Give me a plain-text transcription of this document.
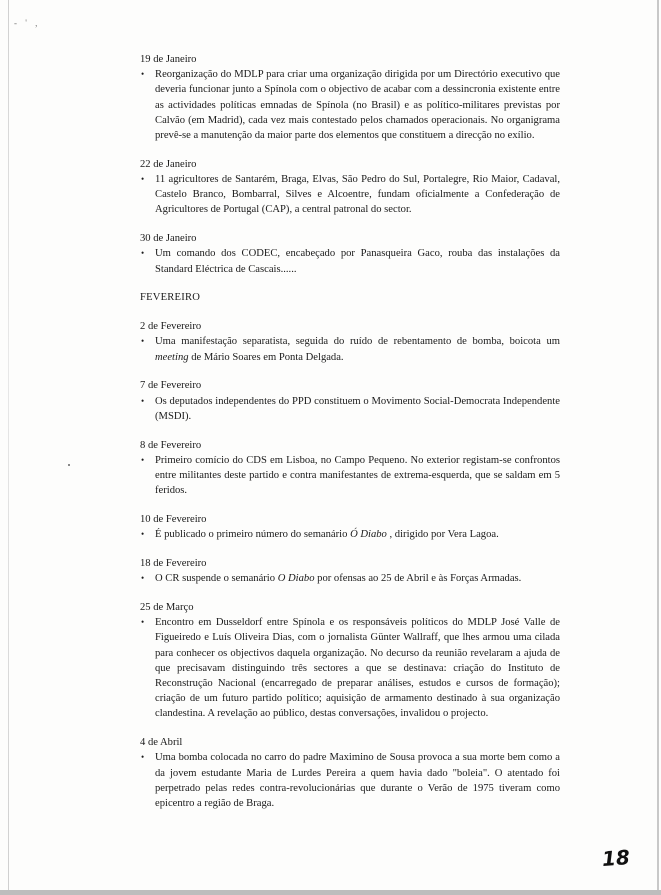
- ' ,

19 de Janeiro

• Reorganização do MDLP para criar uma organização dirigida por um Directório executivo que deveria funcionar junto a Spínola com o objectivo de acabar com a dessincronia existente entre as actividades políticas emnadas de Spínola (no Brasil) e as político-militares previstas por Calvão (em Madrid), cada vez mais contestado pelos chamados operacionais. No organigrama prevê-se a manutenção da maior parte dos elementos que constituem a direcção no exílio.

22 de Janeiro

• 11 agricultores de Santarém, Braga, Elvas, São Pedro do Sul, Portalegre, Rio Maior, Cadaval, Castelo Branco, Bombarral, Silves e Alcoentre, fundam oficialmente a Confederação de Agricultores de Portugal (CAP), a central patronal do sector.

30 de Janeiro

• Um comando dos CODEC, encabeçado por Panasqueira Gaco, rouba das instalações da Standard Eléctrica de Cascais......

FEVEREIRO

2 de Fevereiro

• Uma manifestação separatista, seguida do ruído de rebentamento de bomba, boicota um meeting de Mário Soares em Ponta Delgada.

7 de Fevereiro

• Os deputados independentes do PPD constituem o Movimento Social-Democrata Independente (MSDI).

8 de Fevereiro

• Primeiro comício do CDS em Lisboa, no Campo Pequeno. No exterior registam-se confrontos entre militantes deste partido e contra manifestantes de extrema-esquerda, que se saldam em 5 feridos.

10 de Fevereiro

• É publicado o primeiro número do semanário Ó Diabo , dirigido por Vera Lagoa.

18 de Fevereiro

• O CR suspende o semanário O Diabo por ofensas ao 25 de Abril e às Forças Armadas.

25 de Março

• Encontro em Dusseldorf entre Spínola e os responsáveis políticos do MDLP José Valle de Figueiredo e Luís Oliveira Dias, com o jornalista Günter Wallraff, que lhes armou uma cilada para conhecer os objectivos daquela organização. No decurso da reunião revelaram a ajuda de que precisavam distinguindo três sectores a que se destinava: criação do Instituto de Reconstrução Nacional (encarregado de preparar análises, estudos e cursos de formação); criação de um futuro partido político; aquisição de armamento destinado à sua organização clandestina. A revelação ao público, destas conversações, invalidou o projecto.

4 de Abril

• Uma bomba colocada no carro do padre Maximino de Sousa provoca a sua morte bem como a da jovem estudante Maria de Lurdes Pereira a quem havia dado "boleia". O atentado foi perpetrado pelas redes contra-revolucionárias que durante o Verão de 1975 tiveram como epicentro a região de Braga.

18
